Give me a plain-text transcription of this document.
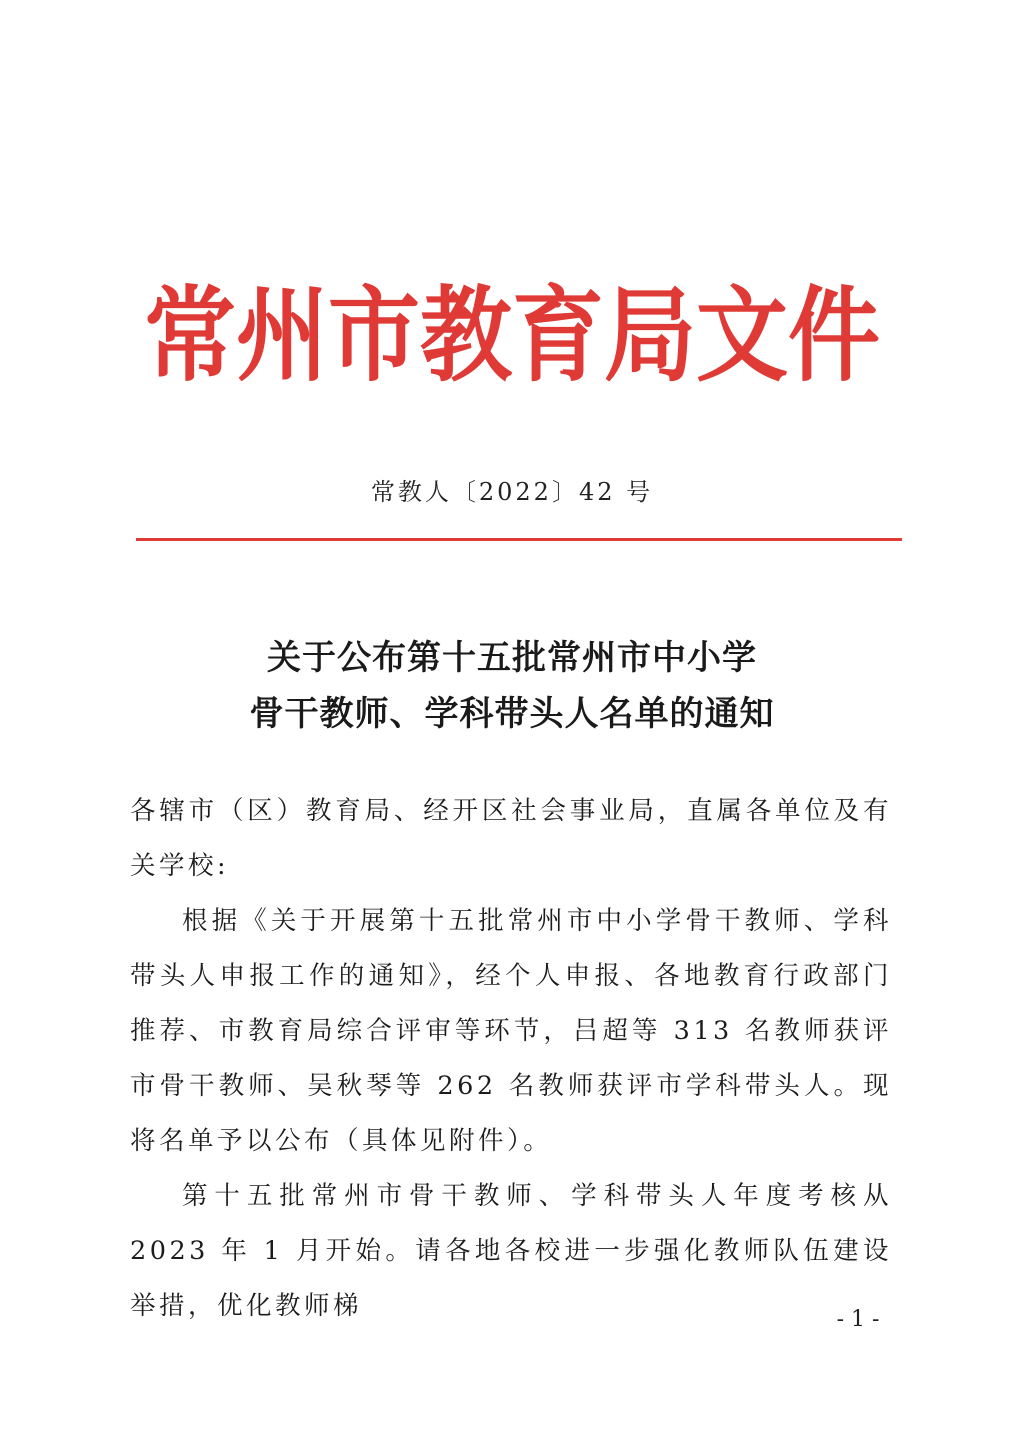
常州市教育局文件
常教人〔2022〕42 号
关于公布第十五批常州市中小学
骨干教师、学科带头人名单的通知

各辖市（区）教育局、经开区社会事业局，直属各单位及有关学校:

根据《关于开展第十五批常州市中小学骨干教师、学科带头人申报工作的通知》，经个人申报、各地教育行政部门推荐、市教育局综合评审等环节，吕超等 313 名教师获评市骨干教师、吴秋琴等 262 名教师获评市学科带头人。现将名单予以公布（具体见附件）。

第十五批常州市骨干教师、学科带头人年度考核从 2023 年 1 月开始。请各地各校进一步强化教师队伍建设举措，优化教师梯	- 1 -
